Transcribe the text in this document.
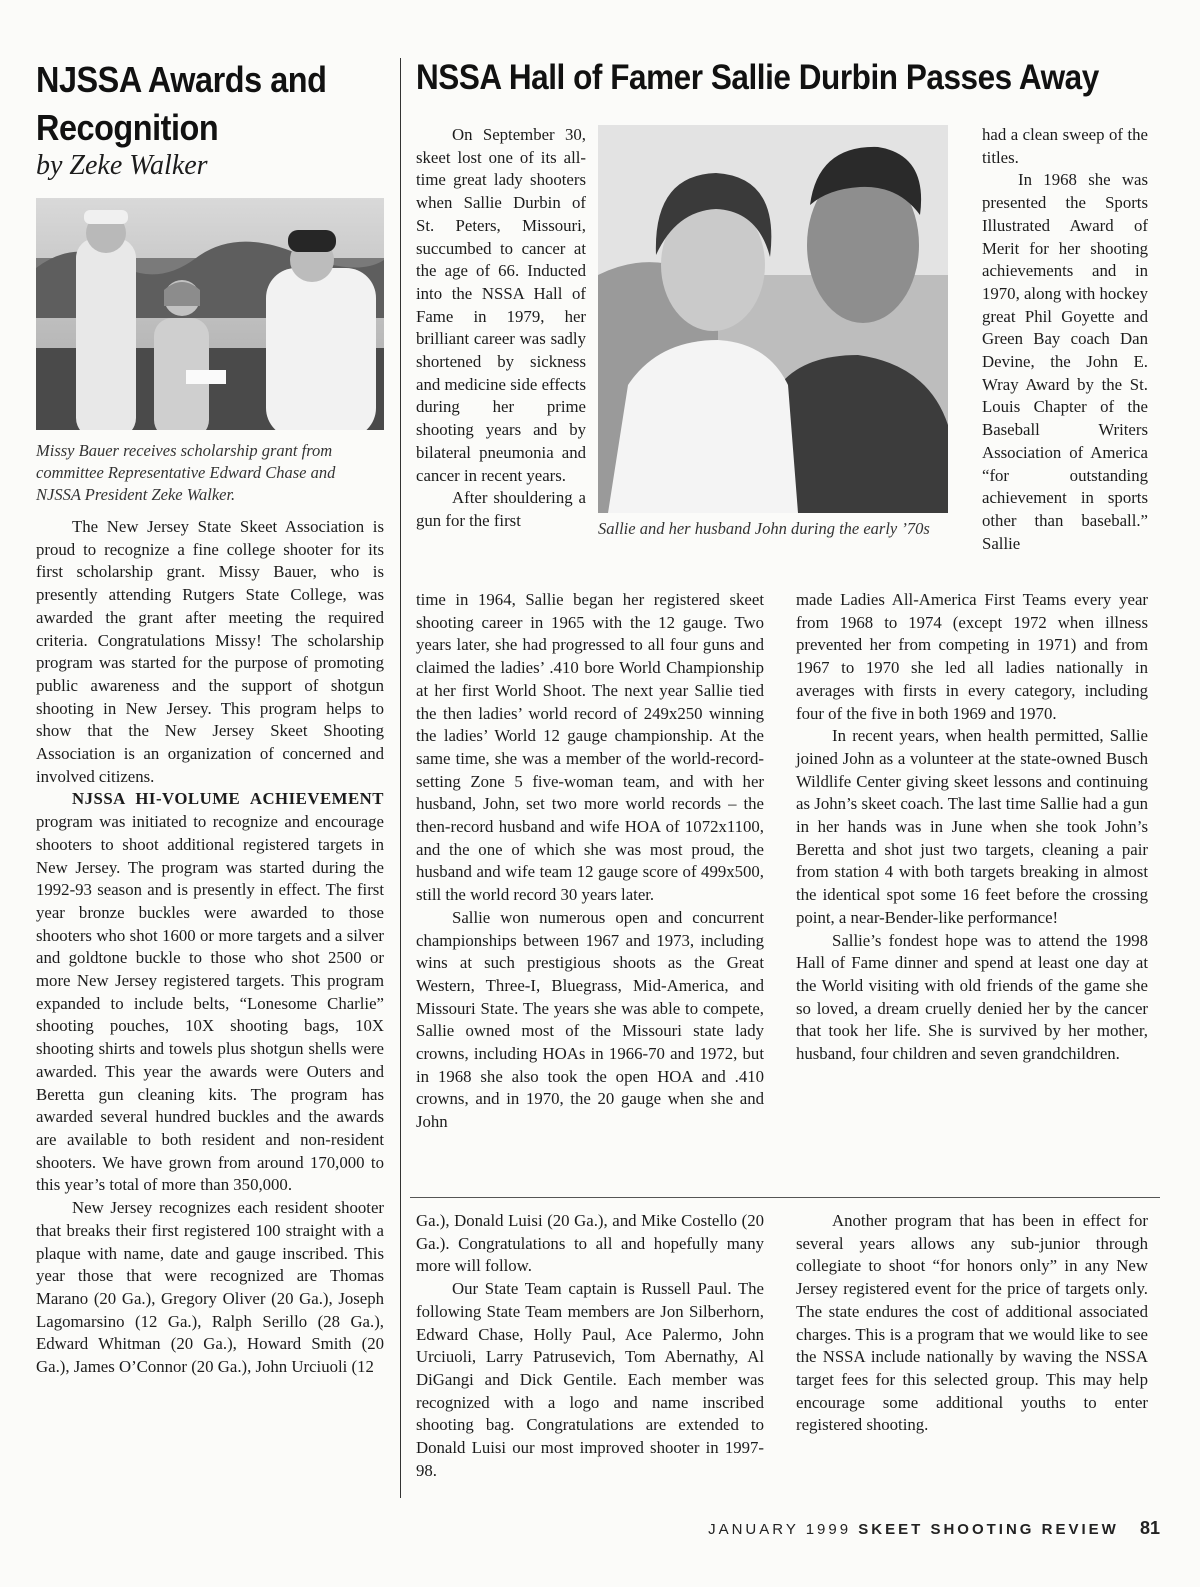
NJSSA Awards and Recognition
by Zeke Walker
NSSA Hall of Famer Sallie Durbin Passes Away
Missy Bauer receives scholarship grant from committee Representative Edward Chase and NJSSA President Zeke Walker.
Sallie and her husband John during the early ’70s

The New Jersey State Skeet Association is proud to recognize a fine college shooter for its first scholarship grant. Missy Bauer, who is presently attending Rutgers State College, was awarded the grant after meeting the required criteria. Congratulations Missy! The scholarship program was started for the purpose of promoting public awareness and the support of shotgun shooting in New Jersey. This program helps to show that the New Jersey Skeet Shooting Association is an organization of concerned and involved citizens.

NJSSA HI-VOLUME ACHIEVEMENT program was initiated to recognize and encourage shooters to shoot additional registered targets in New Jersey. The program was started during the 1992-93 season and is presently in effect. The first year bronze buckles were awarded to those shooters who shot 1600 or more targets and a silver and goldtone buckle to those who shot 2500 or more New Jersey registered targets. This program expanded to include belts, “Lonesome Charlie” shooting pouches, 10X shooting bags, 10X shooting shirts and towels plus shotgun shells were awarded. This year the awards were Outers and Beretta gun cleaning kits. The program has awarded several hundred buckles and the awards are available to both resident and non-resident shooters. We have grown from around 170,000 to this year’s total of more than 350,000.

New Jersey recognizes each resident shooter that breaks their first registered 100 straight with a plaque with name, date and gauge inscribed. This year those that were recognized are Thomas Marano (20 Ga.), Gregory Oliver (20 Ga.), Joseph Lagomarsino (12 Ga.), Ralph Serillo (28 Ga.), Edward Whitman (20 Ga.), Howard Smith (20 Ga.), James O’Connor (20 Ga.), John Urciuoli (12

On September 30, skeet lost one of its all-time great lady shooters when Sallie Durbin of St. Peters, Missouri, succumbed to cancer at the age of 66. Inducted into the NSSA Hall of Fame in 1979, her brilliant career was sadly shortened by sickness and medicine side effects during her prime shooting years and by bilateral pneumonia and cancer in recent years.

After shouldering a gun for the first

had a clean sweep of the titles.

In 1968 she was presented the Sports Illustrated Award of Merit for her shooting achievements and in 1970, along with hockey great Phil Goyette and Green Bay coach Dan Devine, the John E. Wray Award by the St. Louis Chapter of the Baseball Writers Association of America “for outstanding achievement in sports other than baseball.” Sallie

time in 1964, Sallie began her registered skeet shooting career in 1965 with the 12 gauge. Two years later, she had progressed to all four guns and claimed the ladies’ .410 bore World Championship at her first World Shoot. The next year Sallie tied the then ladies’ world record of 249x250 winning the ladies’ World 12 gauge championship. At the same time, she was a member of the world-record-setting Zone 5 five-woman team, and with her husband, John, set two more world records – the then-record husband and wife HOA of 1072x1100, and the one of which she was most proud, the husband and wife team 12 gauge score of 499x500, still the world record 30 years later.

Sallie won numerous open and concurrent championships between 1967 and 1973, including wins at such prestigious shoots as the Great Western, Three-I, Bluegrass, Mid-America, and Missouri State. The years she was able to compete, Sallie owned most of the Missouri state lady crowns, including HOAs in 1966-70 and 1972, but in 1968 she also took the open HOA and .410 crowns, and in 1970, the 20 gauge when she and John

made Ladies All-America First Teams every year from 1968 to 1974 (except 1972 when illness prevented her from competing in 1971) and from 1967 to 1970 she led all ladies nationally in averages with firsts in every category, including four of the five in both 1969 and 1970.

In recent years, when health permitted, Sallie joined John as a volunteer at the state-owned Busch Wildlife Center giving skeet lessons and continuing as John’s skeet coach. The last time Sallie had a gun in her hands was in June when she took John’s Beretta and shot just two targets, cleaning a pair from station 4 with both targets breaking in almost the identical spot some 16 feet before the crossing point, a near-Bender-like performance!

Sallie’s fondest hope was to attend the 1998 Hall of Fame dinner and spend at least one day at the World visiting with old friends of the game she so loved, a dream cruelly denied her by the cancer that took her life. She is survived by her mother, husband, four children and seven grandchildren.

Ga.), Donald Luisi (20 Ga.), and Mike Costello (20 Ga.). Congratulations to all and hopefully many more will follow.

Our State Team captain is Russell Paul. The following State Team members are Jon Silberhorn, Edward Chase, Holly Paul, Ace Palermo, John Urciuoli, Larry Patrusevich, Tom Abernathy, Al DiGangi and Dick Gentile. Each member was recognized with a logo and name inscribed shooting bag. Congratulations are extended to Donald Luisi our most improved shooter in 1997-98.

Another program that has been in effect for several years allows any sub-junior through collegiate to shoot “for honors only” in any New Jersey registered event for the price of targets only. The state endures the cost of additional associated charges. This is a program that we would like to see the NSSA include nationally by waving the NSSA target fees for this selected group. This may help encourage some additional youths to enter registered shooting.

JANUARY 1999 SKEET SHOOTING REVIEW 81
